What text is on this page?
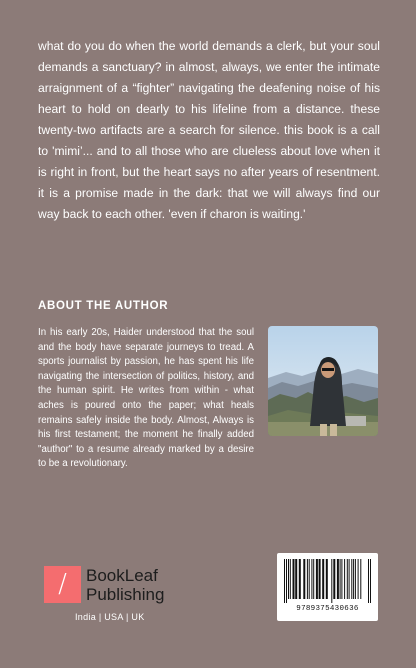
what do you do when the world demands a clerk, but your soul demands a sanctuary? in almost, always, we enter the intimate arraignment of a “fighter” navigating the deafening noise of his heart to hold on dearly to his lifeline from a distance. these twenty-two artifacts are a search for silence. this book is a call to 'mimi’... and to all those who are clueless about love when it is right in front, but the heart says no after years of resentment. it is a promise made in the dark: that we will always find our way back to each other. 'even if charon is waiting.'

ABOUT THE AUTHOR

In his early 20s, Haider understood that the soul and the body have separate journeys to tread. A sports journalist by passion, he has spent his life navigating the intersection of politics, history, and the human spirit. He writes from within - what aches is poured onto the paper; what heals remains safely inside the body. Almost, Always is his first testament; the moment he finally added "author" to a resume already marked by a desire to be a revolutionary.

/	BookLeaf
Publishing
India | USA | UK
9789375430636
